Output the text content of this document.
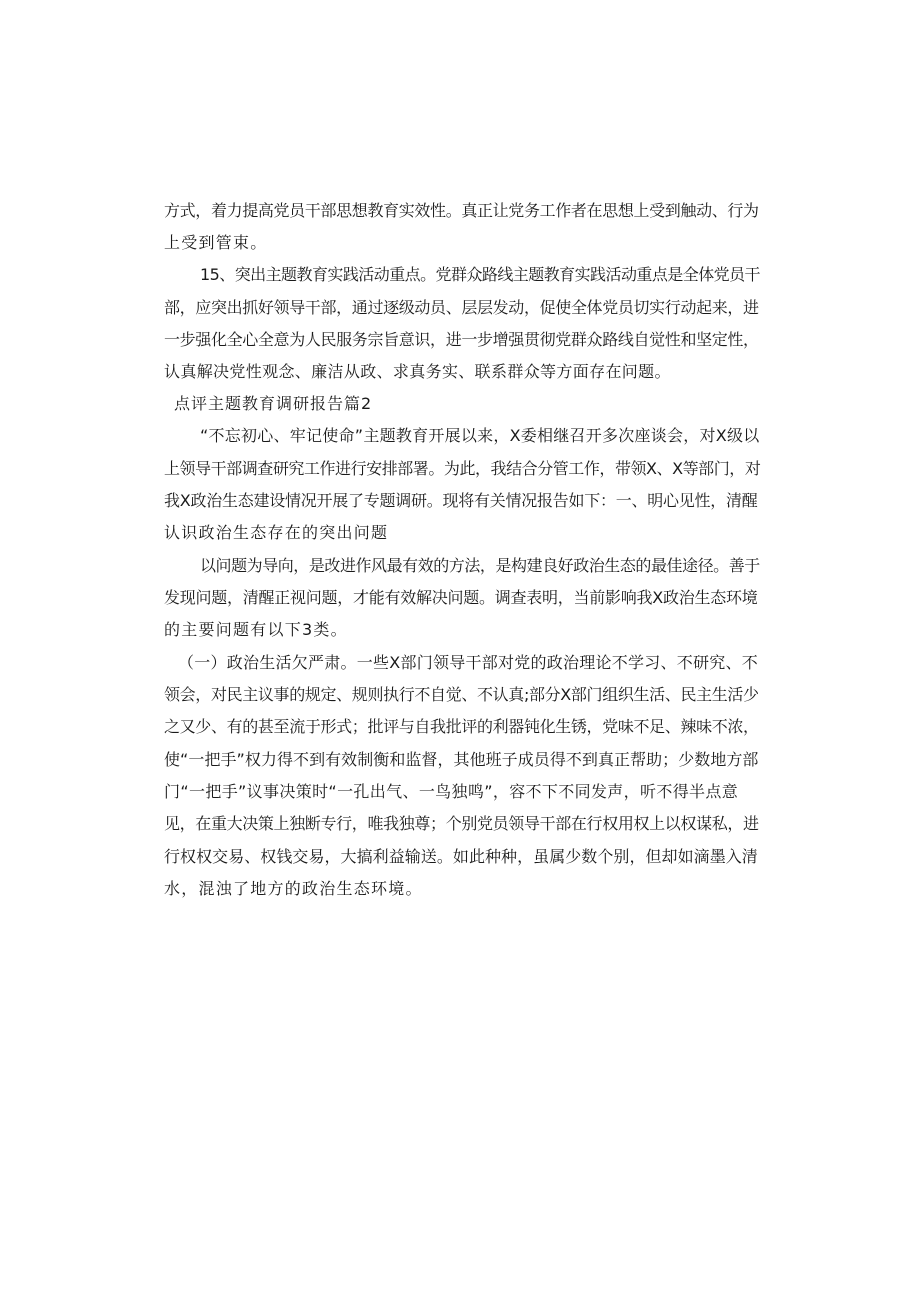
方式，着力提高党员干部思想教育实效性。真正让党务工作者在思想上受到触动、行为

上受到管束。

15、突出主题教育实践活动重点。党群众路线主题教育实践活动重点是全体党员干

部，应突出抓好领导干部，通过逐级动员、层层发动，促使全体党员切实行动起来，进

一步强化全心全意为人民服务宗旨意识，进一步增强贯彻党群众路线自觉性和坚定性，

认真解决党性观念、廉洁从政、求真务实、联系群众等方面存在问题。

点评主题教育调研报告篇2

“不忘初心、牢记使命”主题教育开展以来，X委相继召开多次座谈会，对X级以

上领导干部调查研究工作进行安排部署。为此，我结合分管工作，带领X、X等部门，对

我X政治生态建设情况开展了专题调研。现将有关情况报告如下：一、明心见性，清醒

认识政治生态存在的突出问题

以问题为导向，是改进作风最有效的方法，是构建良好政治生态的最佳途径。善于

发现问题，清醒正视问题，才能有效解决问题。调查表明，当前影响我X政治生态环境

的主要问题有以下3类。

（一）政治生活欠严肃。一些X部门领导干部对党的政治理论不学习、不研究、不

领会，对民主议事的规定、规则执行不自觉、不认真;部分X部门组织生活、民主生活少

之又少、有的甚至流于形式；批评与自我批评的利器钝化生锈，党味不足、辣味不浓，

使“一把手”权力得不到有效制衡和监督，其他班子成员得不到真正帮助；少数地方部

门“一把手”议事决策时“一孔出气、一鸟独鸣”，容不下不同发声，听不得半点意

见，在重大决策上独断专行，唯我独尊；个别党员领导干部在行权用权上以权谋私，进

行权权交易、权钱交易，大搞利益输送。如此种种，虽属少数个别，但却如滴墨入清

水，混浊了地方的政治生态环境。
